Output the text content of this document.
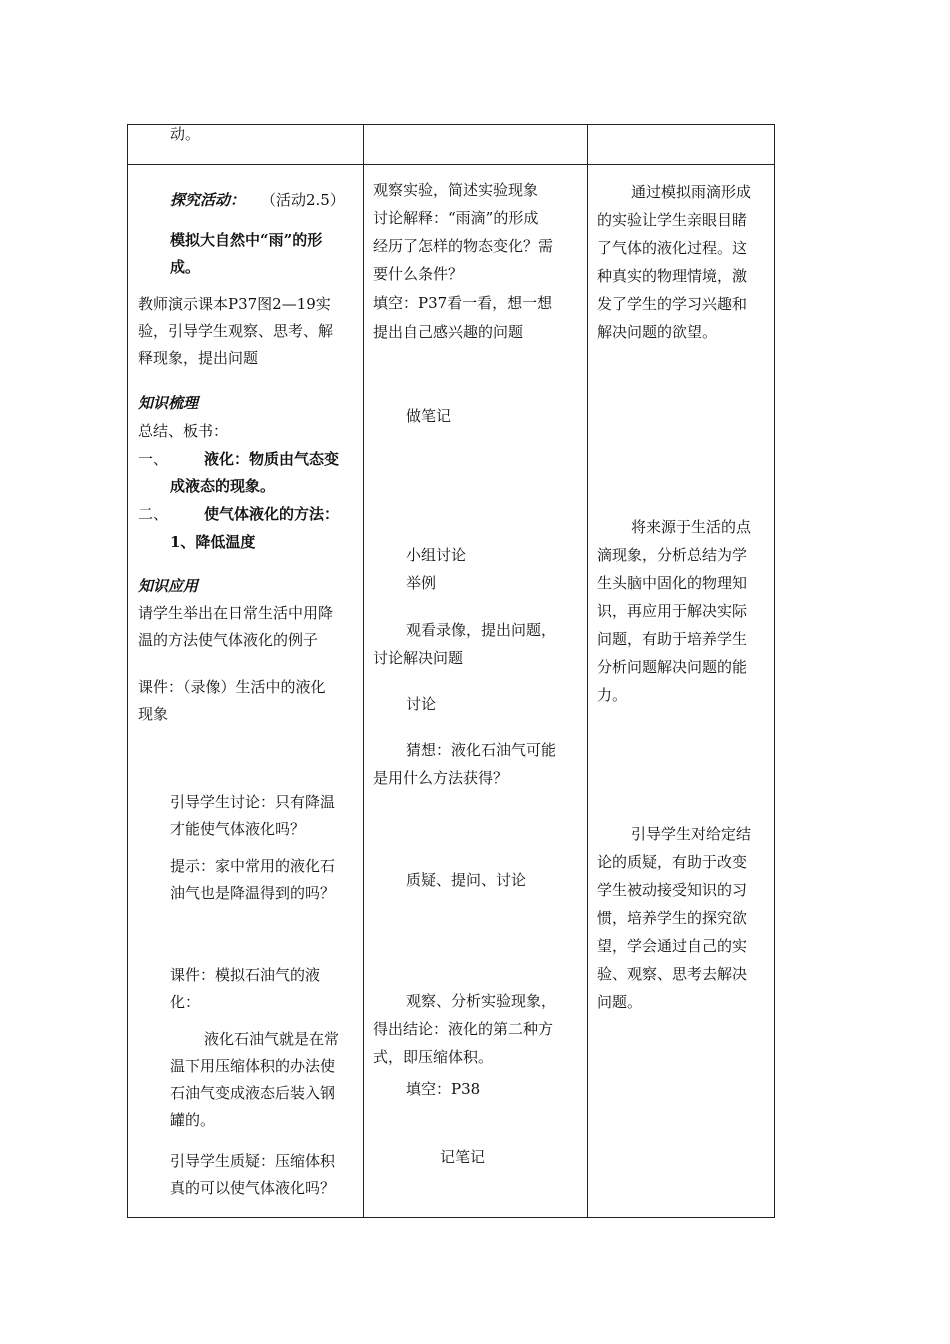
动。
探究活动： （活动2.5）
模拟大自然中“雨”的形
成。
教师演示课本P37图2—19实
验，引导学生观察、思考、解
释现象，提出问题
知识梳理
总结、板书：
一、 液化：物质由气态变
成液态的现象。
二、 使气体液化的方法：
1、降低温度
知识应用
请学生举出在日常生活中用降
温的方法使气体液化的例子
课件：（录像）生活中的液化
现象
引导学生讨论：只有降温
才能使气体液化吗？
提示：家中常用的液化石
油气也是降温得到的吗？
课件：模拟石油气的液
化：
液化石油气就是在常
温下用压缩体积的办法使
石油气变成液态后装入钢
罐的。
引导学生质疑：压缩体积
真的可以使气体液化吗？
观察实验，简述实验现象
讨论解释：“雨滴”的形成
经历了怎样的物态变化？需
要什么条件？
填空：P37看一看，想一想
提出自己感兴趣的问题
做笔记
小组讨论
举例
观看录像，提出问题，
讨论解决问题
讨论
猜想：液化石油气可能
是用什么方法获得？
质疑、提问、讨论
观察、分析实验现象，
得出结论：液化的第二种方
式，即压缩体积。
填空：P38
记笔记
通过模拟雨滴形成
的实验让学生亲眼目睹
了气体的液化过程。这
种真实的物理情境，激
发了学生的学习兴趣和
解决问题的欲望。
将来源于生活的点
滴现象，分析总结为学
生头脑中固化的物理知
识，再应用于解决实际
问题，有助于培养学生
分析问题解决问题的能
力。
引导学生对给定结
论的质疑，有助于改变
学生被动接受知识的习
惯，培养学生的探究欲
望，学会通过自己的实
验、观察、思考去解决
问题。
